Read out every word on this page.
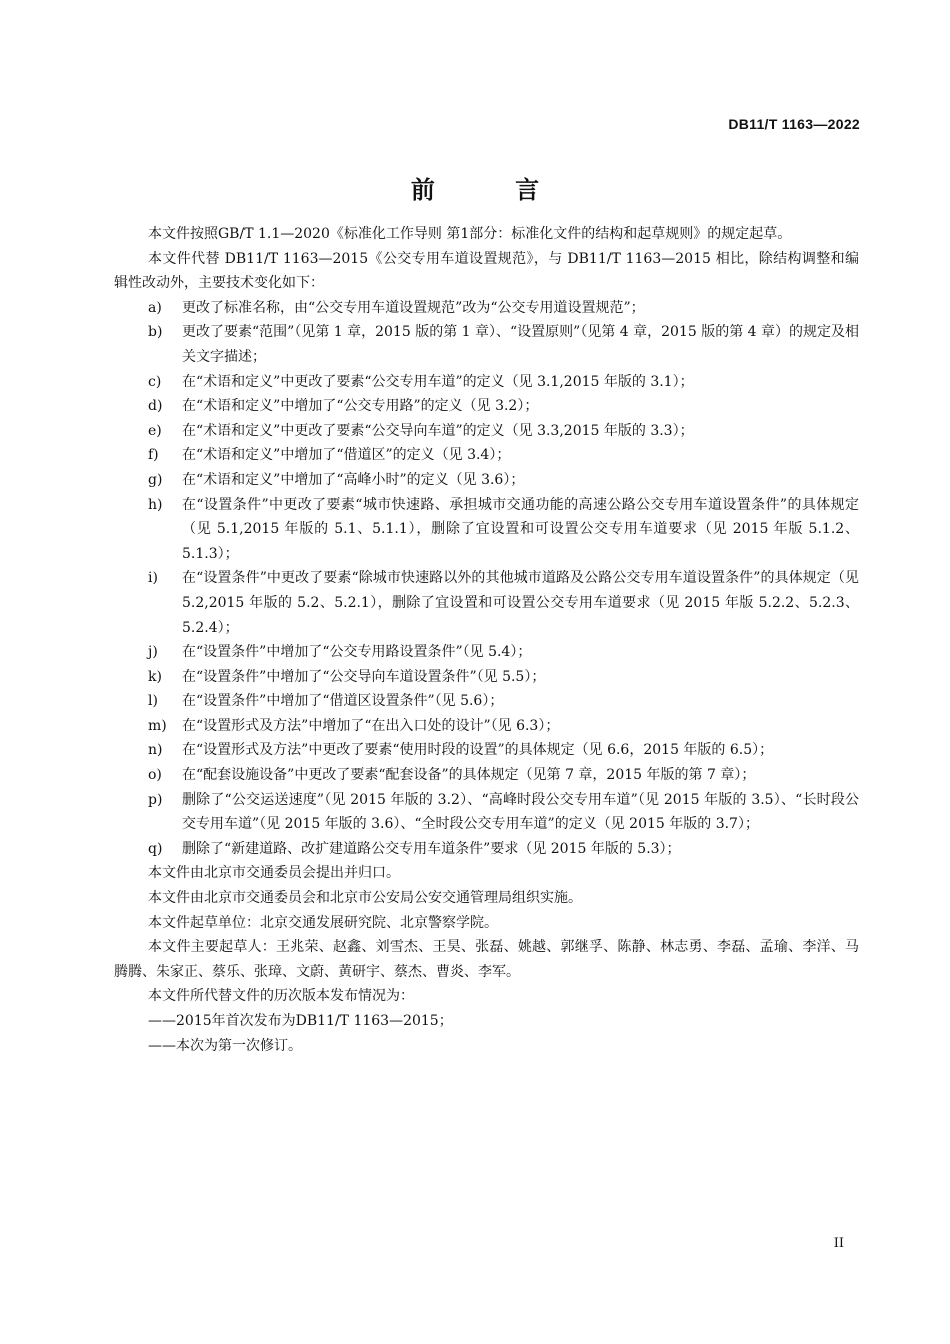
DB11/T 1163—2022
前 言

本文件按照GB/T 1.1—2020《标准化工作导则 第1部分：标准化文件的结构和起草规则》的规定起草。

本文件代替 DB11/T 1163—2015《公交专用车道设置规范》，与 DB11/T 1163—2015 相比，除结构调整和编辑性改动外，主要技术变化如下：

a)	更改了标准名称，由“公交专用车道设置规范”改为“公交专用道设置规范”；
b)	更改了要素“范围”（见第 1 章，2015 版的第 1 章）、“设置原则”（见第 4 章，2015 版的第 4 章）的规定及相关文字描述；
c)	在“术语和定义”中更改了要素“公交专用车道”的定义（见 3.1,2015 年版的 3.1）；
d)	在“术语和定义”中增加了“公交专用路”的定义（见 3.2）；
e)	在“术语和定义”中更改了要素“公交导向车道”的定义（见 3.3,2015 年版的 3.3）；
f)	在“术语和定义”中增加了“借道区”的定义（见 3.4）；
g)	在“术语和定义”中增加了“高峰小时”的定义（见 3.6）；
h)	在“设置条件”中更改了要素“城市快速路、承担城市交通功能的高速公路公交专用车道设置条件”的具体规定（见 5.1,2015 年版的 5.1、5.1.1），删除了宜设置和可设置公交专用车道要求（见 2015 年版 5.1.2、5.1.3）；
i)	在“设置条件”中更改了要素“除城市快速路以外的其他城市道路及公路公交专用车道设置条件”的具体规定（见 5.2,2015 年版的 5.2、5.2.1），删除了宜设置和可设置公交专用车道要求（见 2015 年版 5.2.2、5.2.3、5.2.4）；
j)	在“设置条件”中增加了“公交专用路设置条件”（见 5.4）；
k)	在“设置条件”中增加了“公交导向车道设置条件”（见 5.5）；
l)	在“设置条件”中增加了“借道区设置条件”（见 5.6）；
m)	在“设置形式及方法”中增加了“在出入口处的设计”（见 6.3）；
n)	在“设置形式及方法”中更改了要素“使用时段的设置”的具体规定（见 6.6，2015 年版的 6.5）；
o)	在“配套设施设备”中更改了要素“配套设备”的具体规定（见第 7 章，2015 年版的第 7 章）；
p)	删除了“公交运送速度”（见 2015 年版的 3.2）、“高峰时段公交专用车道”（见 2015 年版的 3.5）、“长时段公交专用车道”（见 2015 年版的 3.6）、“全时段公交专用车道”的定义（见 2015 年版的 3.7）；
q)	删除了“新建道路、改扩建道路公交专用车道条件”要求（见 2015 年版的 5.3）；

本文件由北京市交通委员会提出并归口。

本文件由北京市交通委员会和北京市公安局公安交通管理局组织实施。

本文件起草单位：北京交通发展研究院、北京警察学院。

本文件主要起草人：王兆荣、赵鑫、刘雪杰、王昊、张磊、姚越、郭继孚、陈静、林志勇、李磊、孟瑜、李洋、马腾腾、朱家正、蔡乐、张璋、文蔚、黄研宇、蔡杰、曹炎、李军。

本文件所代替文件的历次版本发布情况为：

——2015年首次发布为DB11/T 1163—2015；

——本次为第一次修订。

II
